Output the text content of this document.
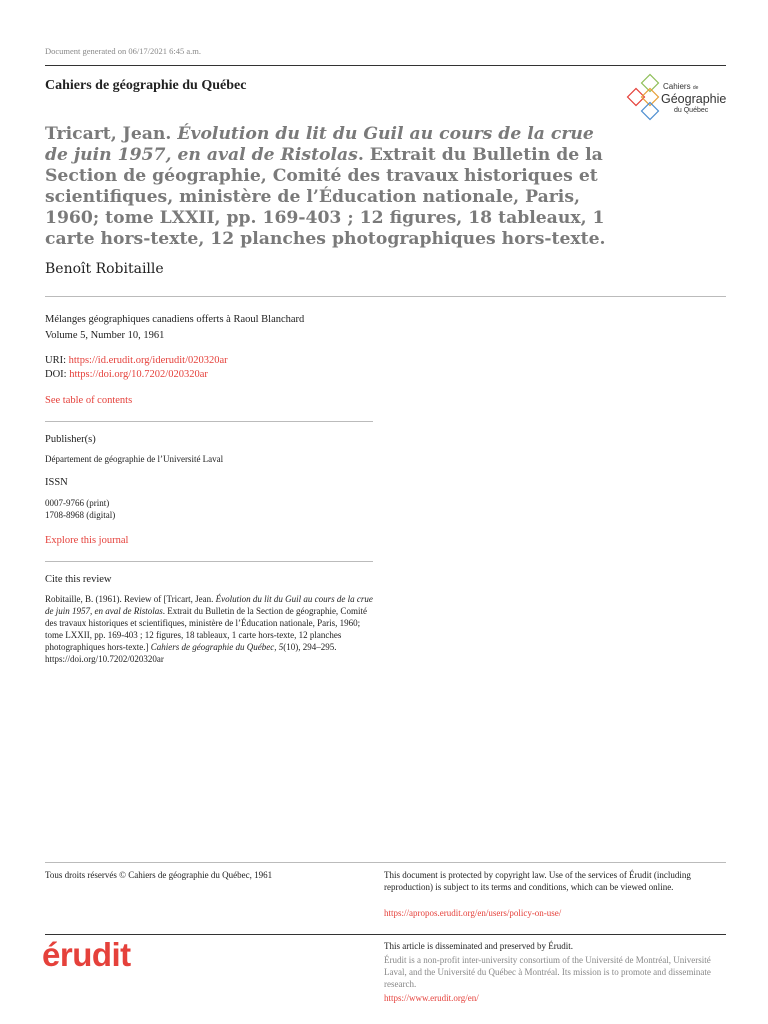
Document generated on 06/17/2021 6:45 a.m.
Cahiers de géographie du Québec	Cahiers de
Géographie
du Québec
Tricart, Jean. Évolution du lit du Guil au cours de la crue de juin 1957, en aval de Ristolas. Extrait du Bulletin de la Section de géographie, Comité des travaux historiques et scientifiques, ministère de l’Éducation nationale, Paris, 1960; tome LXXII, pp. 169-403 ; 12 figures, 18 tableaux, 1 carte hors-texte, 12 planches photographiques hors-texte.
Benoît Robitaille
Mélanges géographiques canadiens offerts à Raoul Blanchard
Volume 5, Number 10, 1961
URI: https://id.erudit.org/iderudit/020320ar
DOI: https://doi.org/10.7202/020320ar
See table of contents
Publisher(s)
Département de géographie de l’Université Laval
ISSN
0007-9766 (print)
1708-8968 (digital)
Explore this journal
Cite this review
Robitaille, B. (1961). Review of [Tricart, Jean. Évolution du lit du Guil au cours de la crue de juin 1957, en aval de Ristolas. Extrait du Bulletin de la Section de géographie, Comité des travaux historiques et scientifiques, ministère de l’Éducation nationale, Paris, 1960; tome LXXII, pp. 169-403 ; 12 figures, 18 tableaux, 1 carte hors-texte, 12 planches photographiques hors-texte.] Cahiers de géographie du Québec, 5(10), 294–295. https://doi.org/10.7202/020320ar
Tous droits réservés © Cahiers de géographie du Québec, 1961	This document is protected by copyright law. Use of the services of Érudit (including reproduction) is subject to its terms and conditions, which can be viewed online.
https://apropos.erudit.org/en/users/policy-on-use/
érudit	This article is disseminated and preserved by Érudit.
Érudit is a non-profit inter-university consortium of the Université de Montréal, Université Laval, and the Université du Québec à Montréal. Its mission is to promote and disseminate research.
https://www.erudit.org/en/
